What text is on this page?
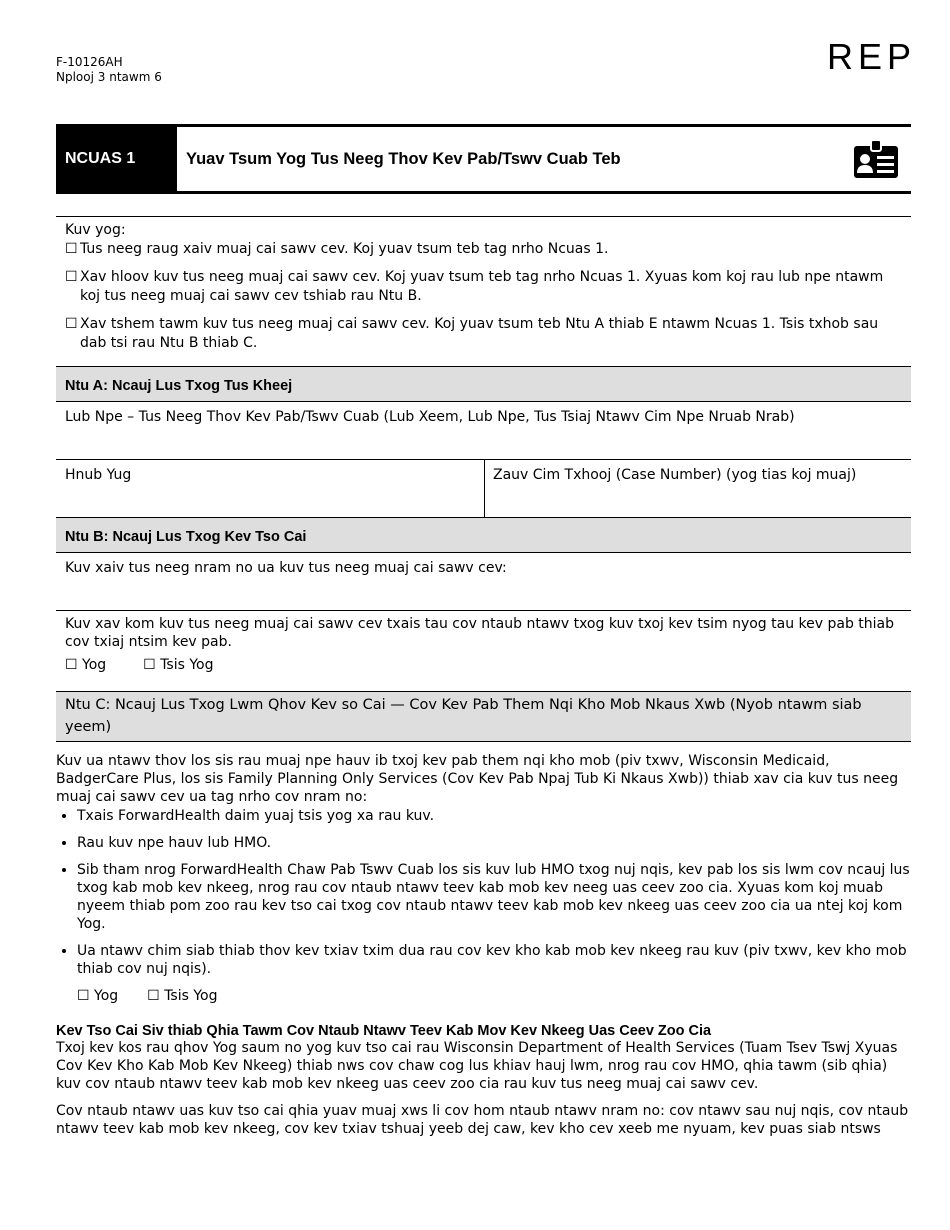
F-10126AH
Nplooj 3 ntawm 6	REP
NCUAS 1	Yuav Tsum Yog Tus Neeg Thov Kev Pab/Tswv Cuab Teb
Kuv yog:
☐ Tus neeg raug xaiv muaj cai sawv cev. Koj yuav tsum teb tag nrho Ncuas 1.
☐ Xav hloov kuv tus neeg muaj cai sawv cev. Koj yuav tsum teb tag nrho Ncuas 1. Xyuas kom koj rau lub npe ntawm koj tus neeg muaj cai sawv cev tshiab rau Ntu B.
☐ Xav tshem tawm kuv tus neeg muaj cai sawv cev. Koj yuav tsum teb Ntu A thiab E ntawm Ncuas 1. Tsis txhob sau dab tsi rau Ntu B thiab C.
Ntu A: Ncauj Lus Txog Tus Kheej
Lub Npe – Tus Neeg Thov Kev Pab/Tswv Cuab (Lub Xeem, Lub Npe, Tus Tsiaj Ntawv Cim Npe Nruab Nrab)
Hnub Yug	Zauv Cim Txhooj (Case Number) (yog tias koj muaj)
Ntu B: Ncauj Lus Txog Kev Tso Cai
Kuv xaiv tus neeg nram no ua kuv tus neeg muaj cai sawv cev:
Kuv xav kom kuv tus neeg muaj cai sawv cev txais tau cov ntaub ntawv txog kuv txoj kev tsim nyog tau kev pab thiab cov txiaj ntsim kev pab.
☐ Yog	☐ Tsis Yog
Ntu C: Ncauj Lus Txog Lwm Qhov Kev so Cai — Cov Kev Pab Them Nqi Kho Mob Nkaus Xwb (Nyob ntawm siab yeem)
Kuv ua ntawv thov los sis rau muaj npe hauv ib txoj kev pab them nqi kho mob (piv txwv, Wisconsin Medicaid, BadgerCare Plus, los sis Family Planning Only Services (Cov Kev Pab Npaj Tub Ki Nkaus Xwb)) thiab xav cia kuv tus neeg muaj cai sawv cev ua tag nrho cov nram no:
• Txais ForwardHealth daim yuaj tsis yog xa rau kuv.
• Rau kuv npe hauv lub HMO.
• Sib tham nrog ForwardHealth Chaw Pab Tswv Cuab los sis kuv lub HMO txog nuj nqis, kev pab los sis lwm cov ncauj lus txog kab mob kev nkeeg, nrog rau cov ntaub ntawv teev kab mob kev neeg uas ceev zoo cia. Xyuas kom koj muab nyeem thiab pom zoo rau kev tso cai txog cov ntaub ntawv teev kab mob kev nkeeg uas ceev zoo cia ua ntej koj kom Yog.
• Ua ntawv chim siab thiab thov kev txiav txim dua rau cov kev kho kab mob kev nkeeg rau kuv (piv txwv, kev kho mob thiab cov nuj nqis).
☐ Yog ☐ Tsis Yog
Kev Tso Cai Siv thiab Qhia Tawm Cov Ntaub Ntawv Teev Kab Mov Kev Nkeeg Uas Ceev Zoo Cia
Txoj kev kos rau qhov Yog saum no yog kuv tso cai rau Wisconsin Department of Health Services (Tuam Tsev Tswj Xyuas Cov Kev Kho Kab Mob Kev Nkeeg) thiab nws cov chaw cog lus khiav hauj lwm, nrog rau cov HMO, qhia tawm (sib qhia) kuv cov ntaub ntawv teev kab mob kev nkeeg uas ceev zoo cia rau kuv tus neeg muaj cai sawv cev.
Cov ntaub ntawv uas kuv tso cai qhia yuav muaj xws li cov hom ntaub ntawv nram no: cov ntawv sau nuj nqis, cov ntaub ntawv teev kab mob kev nkeeg, cov kev txiav tshuaj yeeb dej caw, kev kho cev xeeb me nyuam, kev puas siab ntsws
